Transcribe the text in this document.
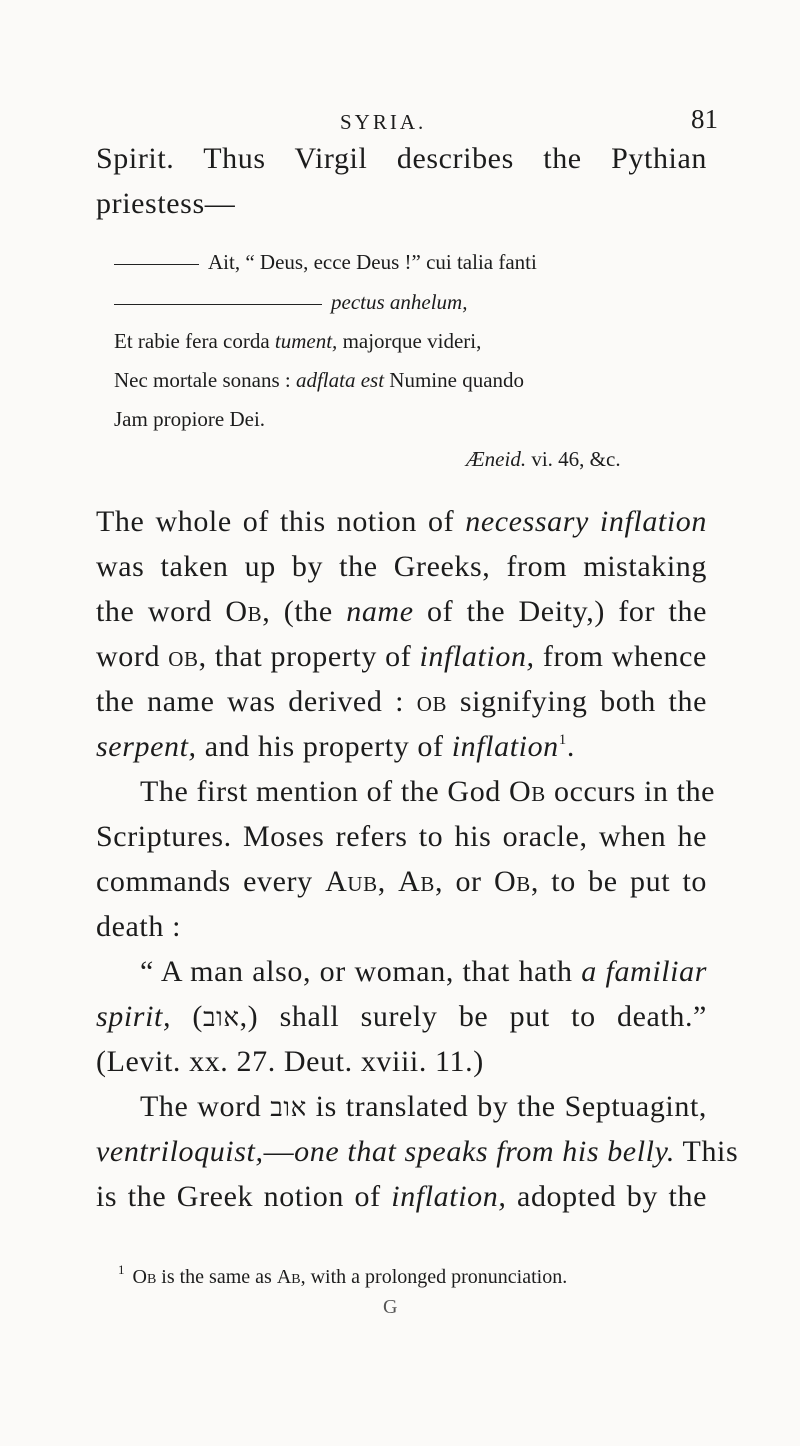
SYRIA.	81
Spirit. Thus Virgil describes the Pythian
priestess—
Ait, “ Deus, ecce Deus !” cui talia fanti
pectus anhelum,
Et rabie fera corda tument, majorque videri,
Nec mortale sonans : adflata est Numine quando
Jam propiore Dei.
Æneid. vi. 46, &c.
The whole of this notion of necessary inflation
was taken up by the Greeks, from mistaking
the word Ob, (the name of the Deity,) for the
word ob, that property of inflation, from whence
the name was derived : ob signifying both the
serpent, and his property of inflation$^1$.
The first mention of the God Ob occurs in the
Scriptures. Moses refers to his oracle, when he
commands every Aub, Ab, or Ob, to be put to
death :
“ A man also, or woman, that hath a familiar
spirit, (אוב,) shall surely be put to death.”
(Levit. xx. 27. Deut. xviii. 11.)
The word אוב is translated by the Septuagint,
ventriloquist,—one that speaks from his belly. This
is the Greek notion of inflation, adopted by the
$^1$ Ob is the same as Ab, with a prolonged pronunciation.
G
